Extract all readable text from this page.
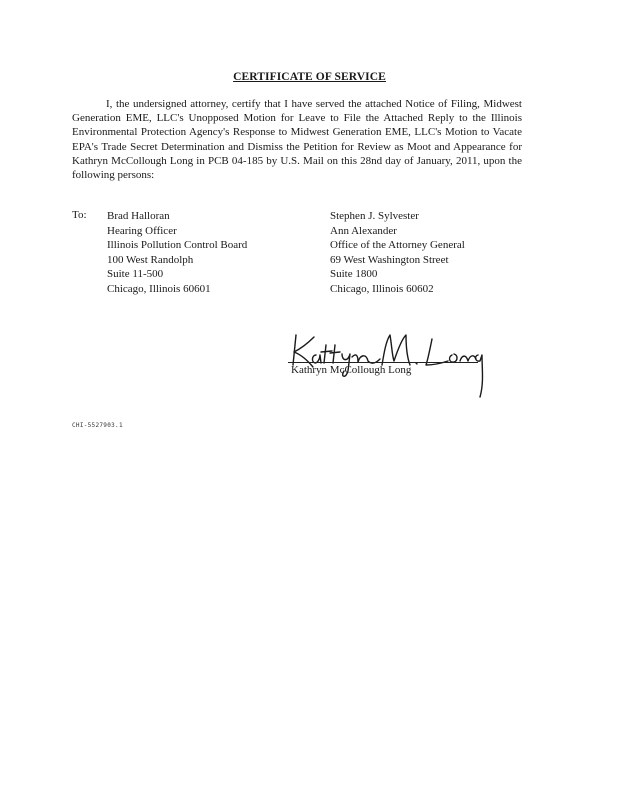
CERTIFICATE OF SERVICE

I, the undersigned attorney, certify that I have served the attached Notice of Filing, Midwest Generation EME, LLC's Unopposed Motion for Leave to File the Attached Reply to the Illinois Environmental Protection Agency's Response to Midwest Generation EME, LLC's Motion to Vacate EPA's Trade Secret Determination and Dismiss the Petition for Review as Moot and Appearance for Kathryn McCollough Long in PCB 04-185 by U.S. Mail on this 28nd day of January, 2011, upon the following persons:

To: Brad Halloran
Hearing Officer
Illinois Pollution Control Board
100 West Randolph
Suite 11-500
Chicago, Illinois 60601
Stephen J. Sylvester
Ann Alexander
Office of the Attorney General
69 West Washington Street
Suite 1800
Chicago, Illinois 60602
Kathryn McCollough Long
CHI-5527903.1
